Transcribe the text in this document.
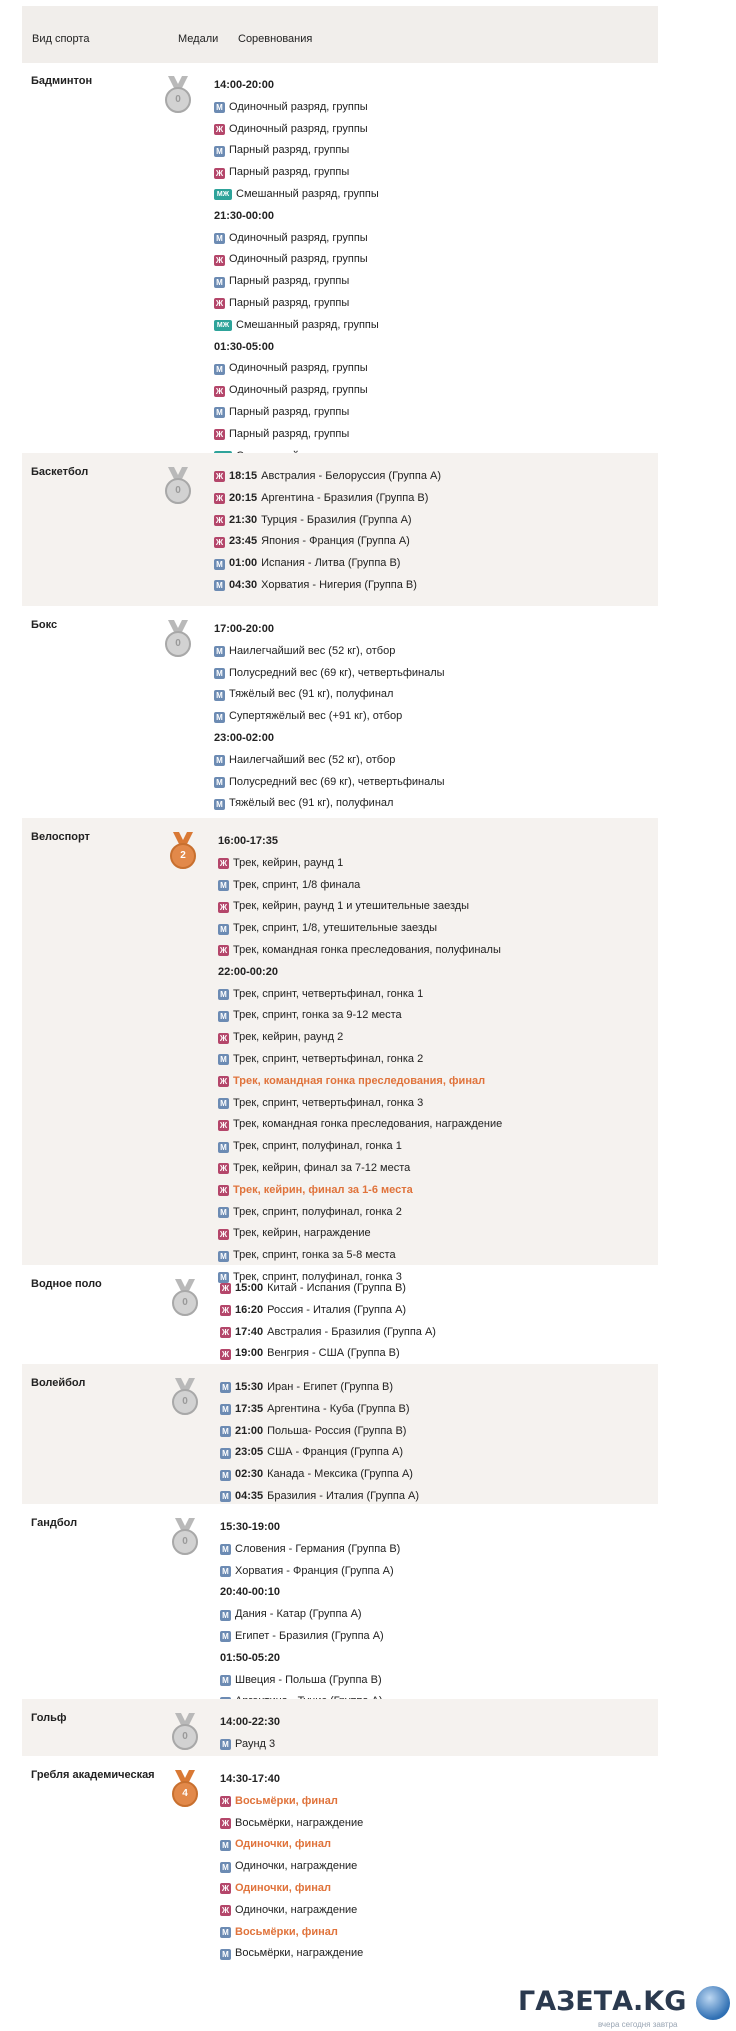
Вид спорта	Медали Соревнования
Бадминтон
0
14:00-20:00
М Одиночный разряд, группы
Ж Одиночный разряд, группы
М Парный разряд, группы
Ж Парный разряд, группы
МЖ Смешанный разряд, группы
21:30-00:00
М Одиночный разряд, группы
Ж Одиночный разряд, группы
М Парный разряд, группы
Ж Парный разряд, группы
МЖ Смешанный разряд, группы
01:30-05:00
М Одиночный разряд, группы
Ж Одиночный разряд, группы
М Парный разряд, группы
Ж Парный разряд, группы
Баскетбол
0
Ж 18:15 Австралия - Белоруссия (Группа А)
Ж 20:15 Аргентина - Бразилия (Группа В)
Ж 21:30 Турция - Бразилия (Группа А)
Ж 23:45 Япония - Франция (Группа А)
М 01:00 Испания - Литва (Группа В)
М 04:30 Хорватия - Нигерия (Группа В)
Бокс
0
17:00-20:00
М Наилегчайший вес (52 кг), отбор
М Полусредний вес (69 кг), четвертьфиналы
М Тяжёлый вес (91 кг), полуфинал
М Супертяжёлый вес (+91 кг), отбор
23:00-02:00
М Наилегчайший вес (52 кг), отбор
М Полусредний вес (69 кг), четвертьфиналы
М Тяжёлый вес (91 кг), полуфинал
Велоспорт
2
16:00-17:35
Ж Трек, кейрин, раунд 1
М Трек, спринт, 1/8 финала
Ж Трек, кейрин, раунд 1 и утешительные заезды
М Трек, спринт, 1/8, утешительные заезды
Ж Трек, командная гонка преследования, полуфиналы
22:00-00:20
М Трек, спринт, четвертьфинал, гонка 1
М Трек, спринт, гонка за 9-12 места
Ж Трек, кейрин, раунд 2
М Трек, спринт, четвертьфинал, гонка 2
Ж Трек, командная гонка преследования, финал
М Трек, спринт, четвертьфинал, гонка 3
Ж Трек, командная гонка преследования, награждение
М Трек, спринт, полуфинал, гонка 1
Ж Трек, кейрин, финал за 7-12 места
Ж Трек, кейрин, финал за 1-6 места
М Трек, спринт, полуфинал, гонка 2
Ж Трек, кейрин, награждение
М Трек, спринт, гонка за 5-8 места
М Трек, спринт, полуфинал, гонка 3
Водное поло
0
Ж 15:00 Китай - Испания (Группа В)
Ж 16:20 Россия - Италия (Группа А)
Ж 17:40 Австралия - Бразилия (Группа А)
Ж 19:00 Венгрия - США (Группа В)
Волейбол
0
М 15:30 Иран - Египет (Группа В)
М 17:35 Аргентина - Куба (Группа В)
М 21:00 Польша- Россия (Группа В)
М 23:05 США - Франция (Группа А)
М 02:30 Канада - Мексика (Группа А)
М 04:35 Бразилия - Италия (Группа А)
Гандбол
0
15:30-19:00
М Словения - Германия (Группа В)
М Хорватия - Франция (Группа А)
20:40-00:10
М Дания - Катар (Группа А)
М Египет - Бразилия (Группа А)
01:50-05:20
М Швеция - Польша (Группа В)
Гольф
0
14:00-22:30
М Раунд 3
Гребля академическая
4
14:30-17:40
Ж Восьмёрки, финал
Ж Восьмёрки, награждение
М Одиночки, финал
М Одиночки, награждение
Ж Одиночки, финал
Ж Одиночки, награждение
М Восьмёрки, финал
М Восьмёрки, награждение
ГАЗЕТА.KG
вчера сегодня завтра
